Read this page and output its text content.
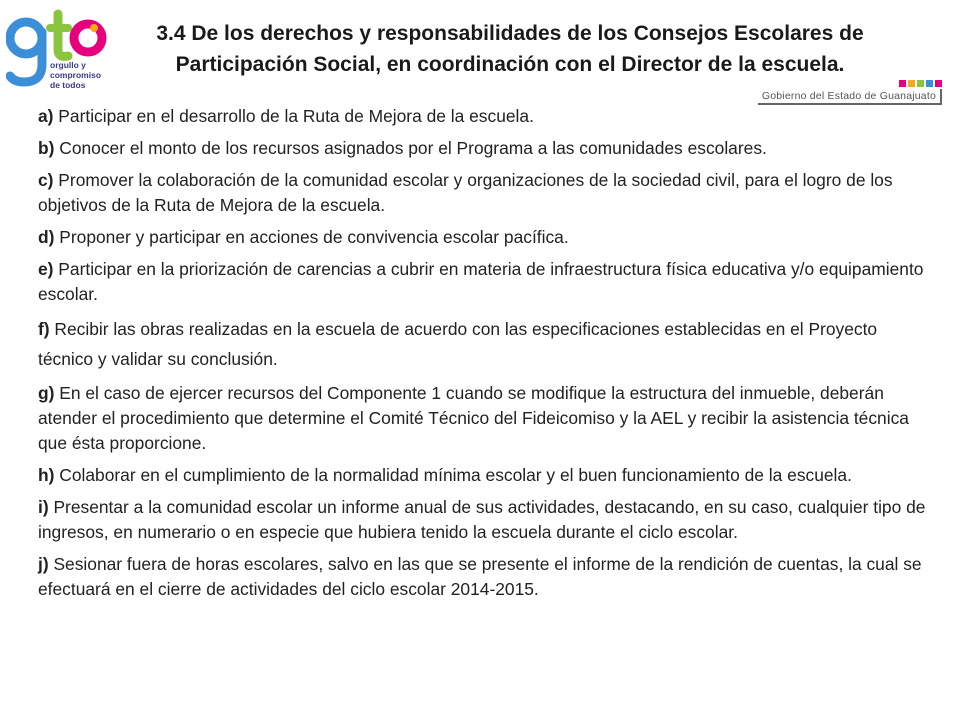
orgullo y
compromiso
de todos
3.4 De los derechos y responsabilidades de los Consejos Escolares de Participación Social, en coordinación con el Director de la escuela.
Gobierno del Estado de Guanajuato

a) Participar en el desarrollo de la Ruta de Mejora de la escuela.

b) Conocer el monto de los recursos asignados por el Programa a las comunidades escolares.

c) Promover la colaboración de la comunidad escolar y organizaciones de la sociedad civil, para el logro de los objetivos de la Ruta de Mejora de la escuela.

d) Proponer y participar en acciones de convivencia escolar pacífica.

e) Participar en la priorización de carencias a cubrir en materia de infraestructura física educativa y/o equipamiento escolar.

f) Recibir las obras realizadas en la escuela de acuerdo con las especificaciones establecidas en el Proyecto técnico y validar su conclusión.

g) En el caso de ejercer recursos del Componente 1 cuando se modifique la estructura del inmueble, deberán atender el procedimiento que determine el Comité Técnico del Fideicomiso y la AEL y recibir la asistencia técnica que ésta proporcione.

h) Colaborar en el cumplimiento de la normalidad mínima escolar y el buen funcionamiento de la escuela.

i) Presentar a la comunidad escolar un informe anual de sus actividades, destacando, en su caso, cualquier tipo de ingresos, en numerario o en especie que hubiera tenido la escuela durante el ciclo escolar.

j) Sesionar fuera de horas escolares, salvo en las que se presente el informe de la rendición de cuentas, la cual se efectuará en el cierre de actividades del ciclo escolar 2014-2015.
